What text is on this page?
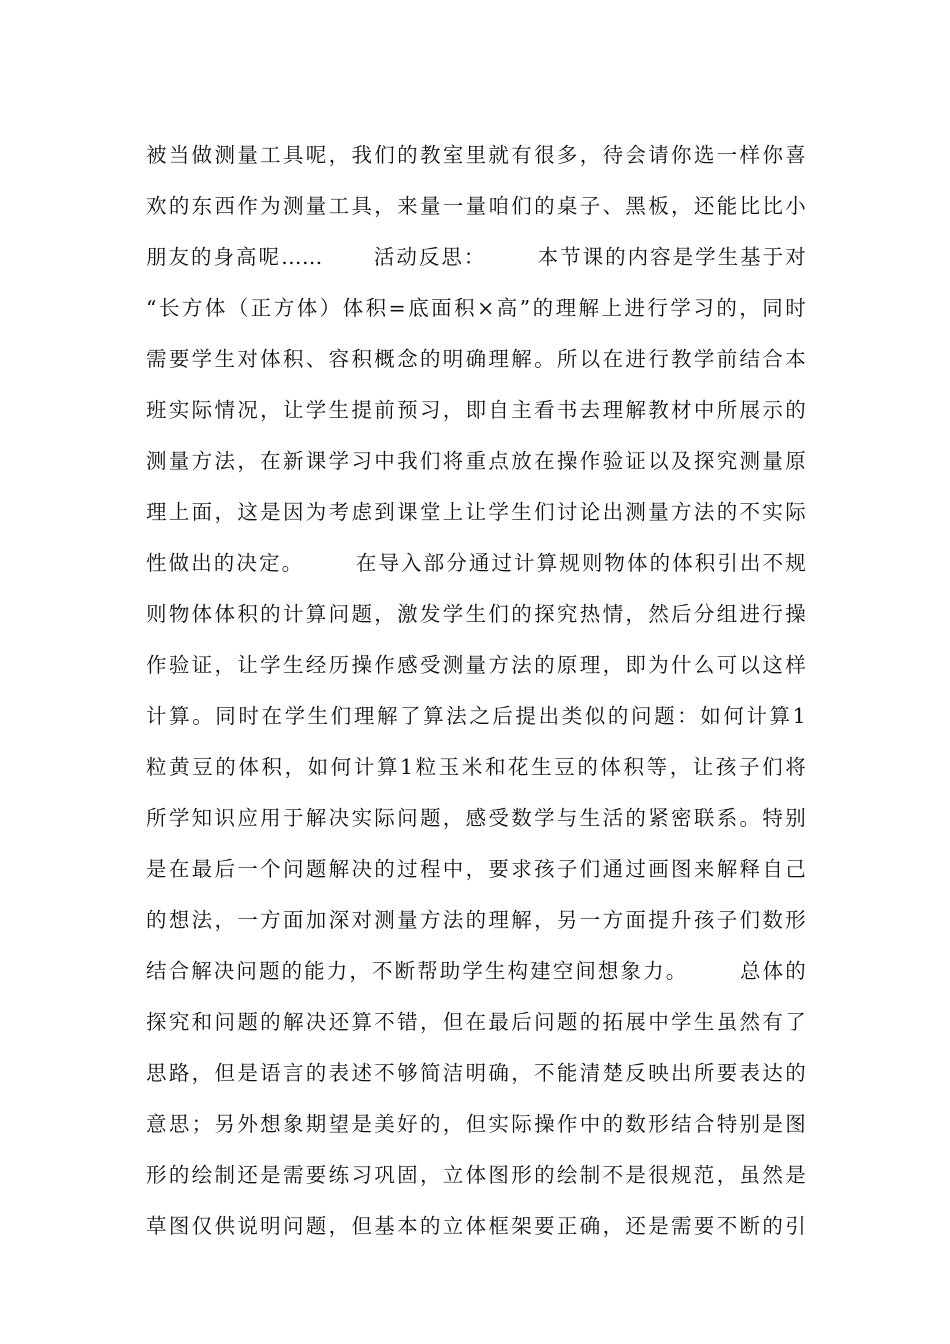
被当做测量工具呢，我们的教室里就有很多，待会请你选一样你喜
欢的东西作为测量工具，来量一量咱们的桌子、黑板，还能比比小
朋友的身高呢……      活动反思：      本节课的内容是学生基于对
“长方体（正方体）体积=底面积×高”的理解上进行学习的，同时
需要学生对体积、容积概念的明确理解。所以在进行教学前结合本
班实际情况，让学生提前预习，即自主看书去理解教材中所展示的
测量方法，在新课学习中我们将重点放在操作验证以及探究测量原
理上面，这是因为考虑到课堂上让学生们讨论出测量方法的不实际
性做出的决定。      在导入部分通过计算规则物体的体积引出不规
则物体体积的计算问题，激发学生们的探究热情，然后分组进行操
作验证，让学生经历操作感受测量方法的原理，即为什么可以这样
计算。同时在学生们理解了算法之后提出类似的问题：如何计算1
粒黄豆的体积，如何计算1粒玉米和花生豆的体积等，让孩子们将
所学知识应用于解决实际问题，感受数学与生活的紧密联系。特别
是在最后一个问题解决的过程中，要求孩子们通过画图来解释自己
的想法，一方面加深对测量方法的理解，另一方面提升孩子们数形
结合解决问题的能力，不断帮助学生构建空间想象力。      总体的
探究和问题的解决还算不错，但在最后问题的拓展中学生虽然有了
思路，但是语言的表述不够简洁明确，不能清楚反映出所要表达的
意思；另外想象期望是美好的，但实际操作中的数形结合特别是图
形的绘制还是需要练习巩固，立体图形的绘制不是很规范，虽然是
草图仅供说明问题，但基本的立体框架要正确，还是需要不断的引
